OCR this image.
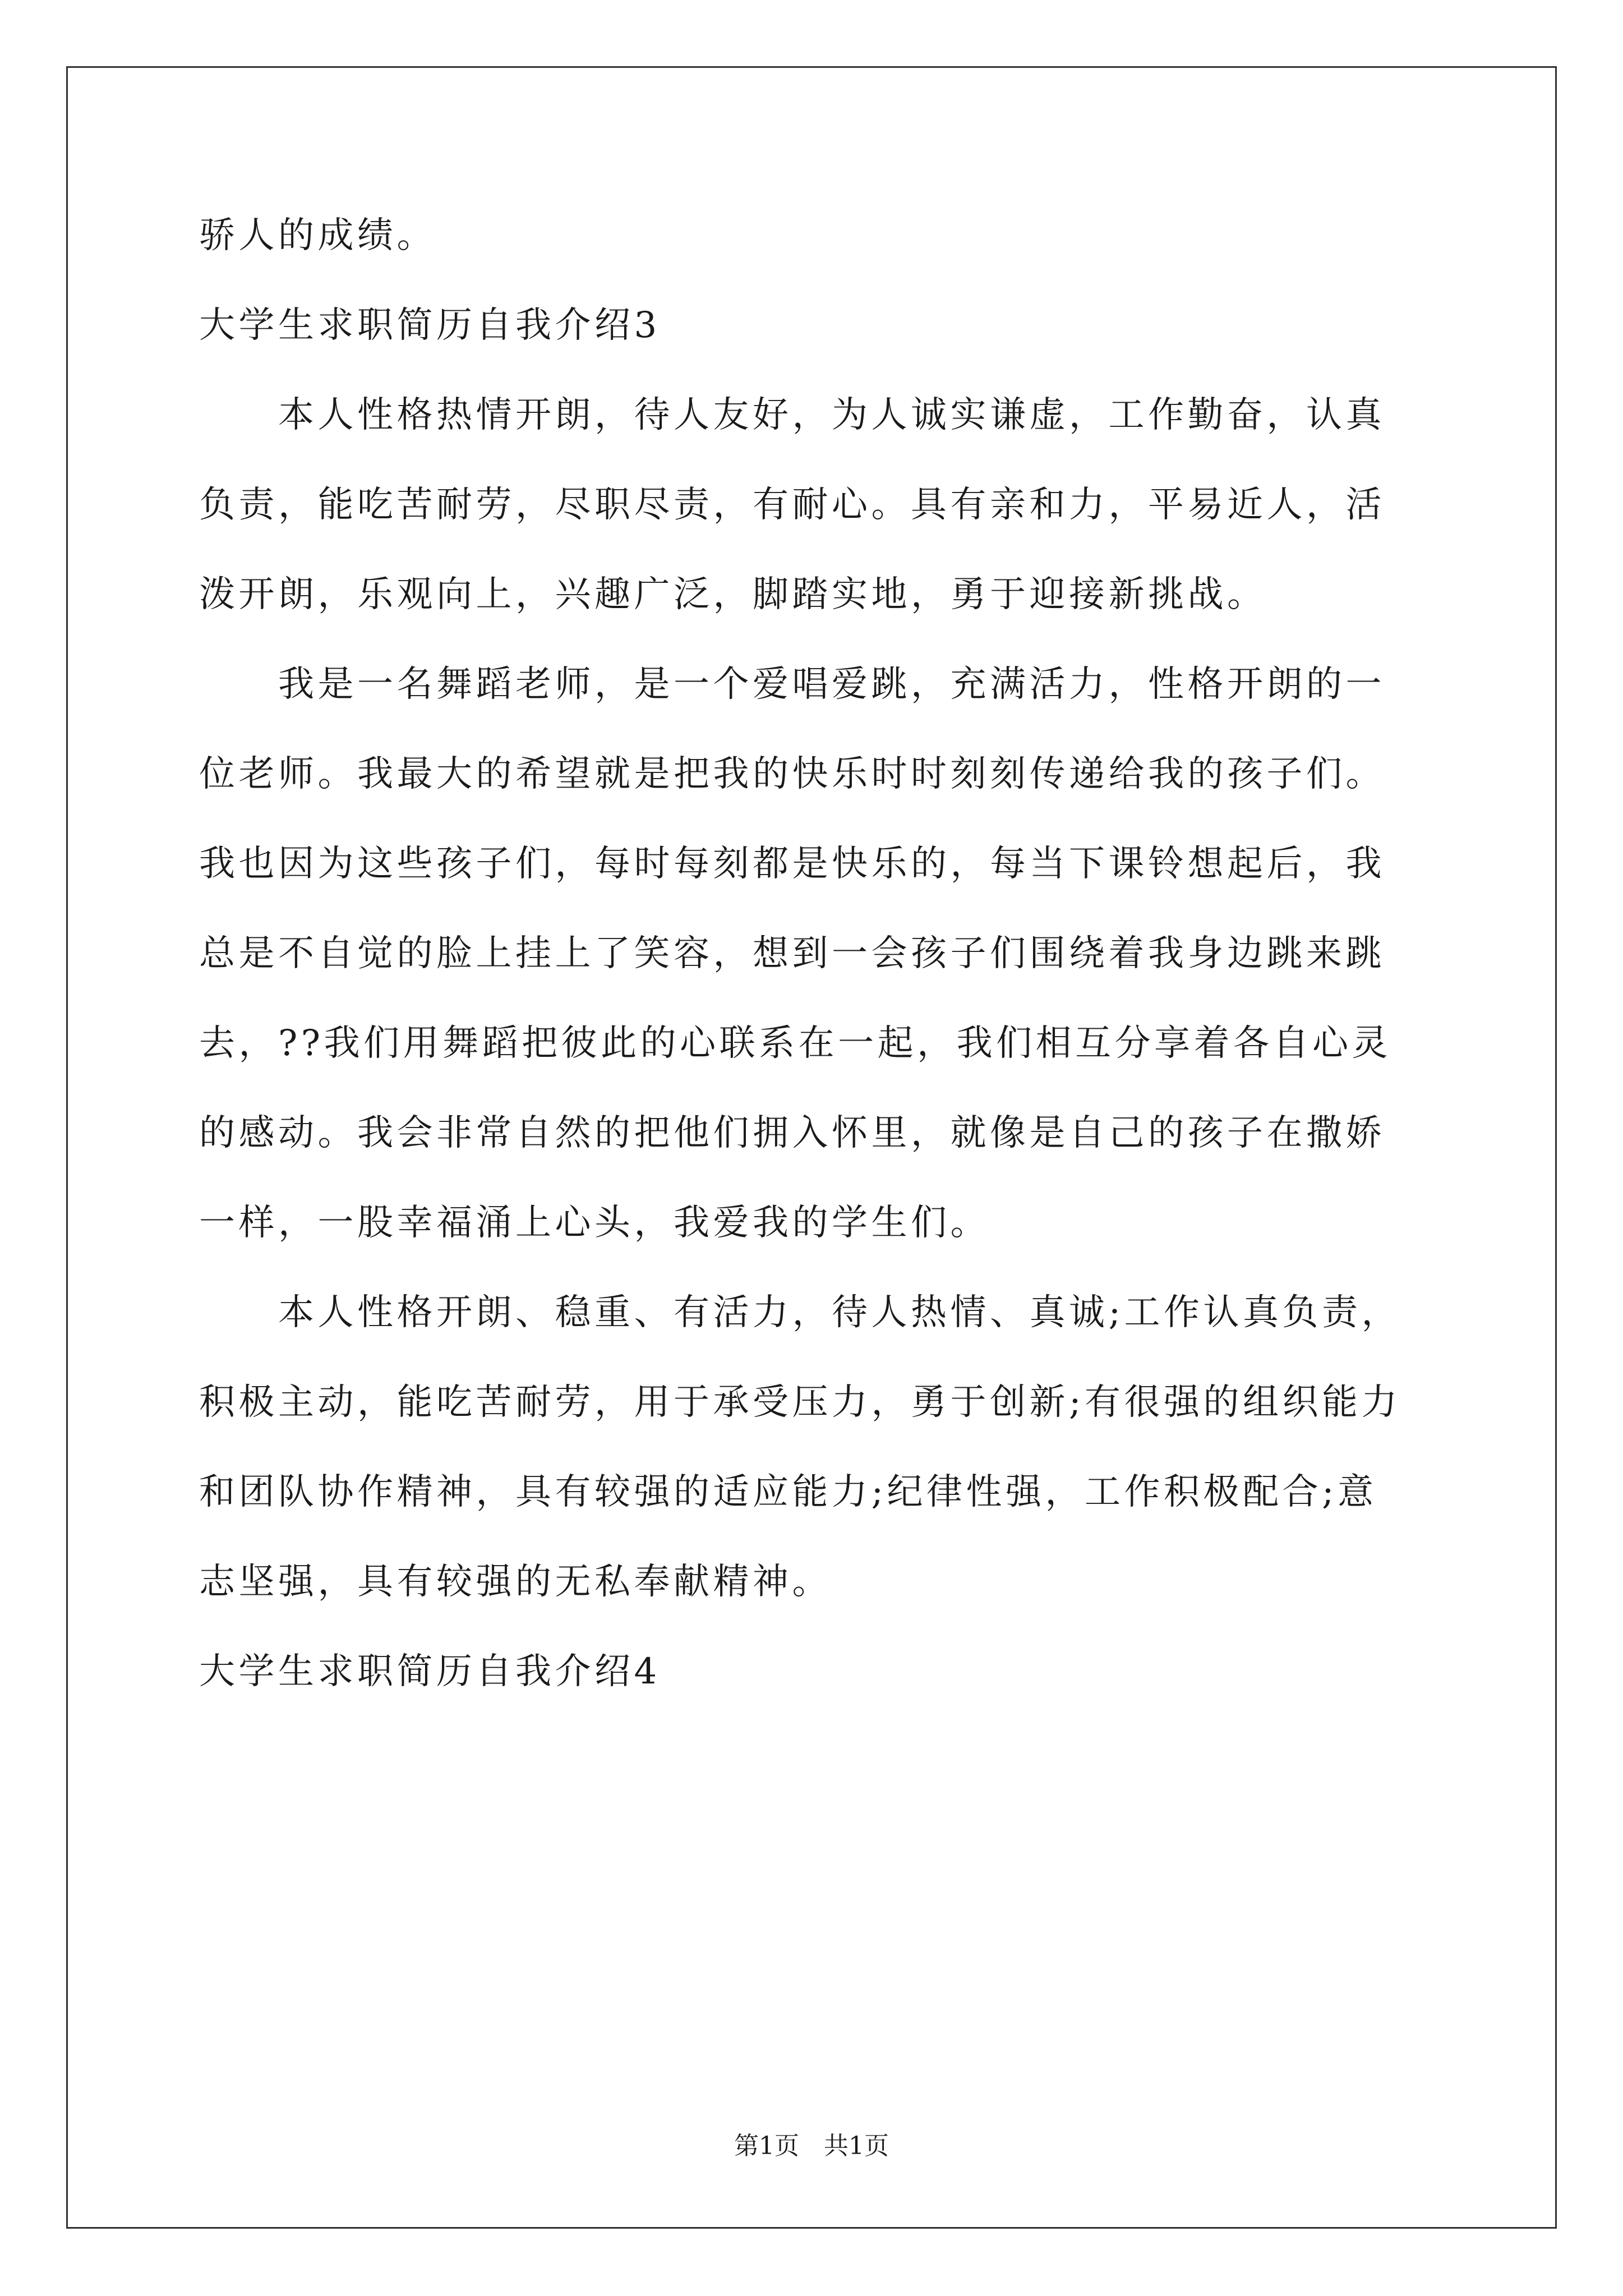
骄人的成绩。
大学生求职简历自我介绍3
本人性格热情开朗，待人友好，为人诚实谦虚，工作勤奋，认真
负责，能吃苦耐劳，尽职尽责，有耐心。具有亲和力，平易近人，活
泼开朗，乐观向上，兴趣广泛，脚踏实地，勇于迎接新挑战。
我是一名舞蹈老师，是一个爱唱爱跳，充满活力，性格开朗的一
位老师。我最大的希望就是把我的快乐时时刻刻传递给我的孩子们。
我也因为这些孩子们，每时每刻都是快乐的，每当下课铃想起后，我
总是不自觉的脸上挂上了笑容，想到一会孩子们围绕着我身边跳来跳
去，??我们用舞蹈把彼此的心联系在一起，我们相互分享着各自心灵
的感动。我会非常自然的把他们拥入怀里，就像是自己的孩子在撒娇
一样，一股幸福涌上心头，我爱我的学生们。
本人性格开朗、稳重、有活力，待人热情、真诚;工作认真负责，
积极主动，能吃苦耐劳，用于承受压力，勇于创新;有很强的组织能力
和团队协作精神，具有较强的适应能力;纪律性强，工作积极配合;意
志坚强，具有较强的无私奉献精神。
大学生求职简历自我介绍4
第1页　共1页
